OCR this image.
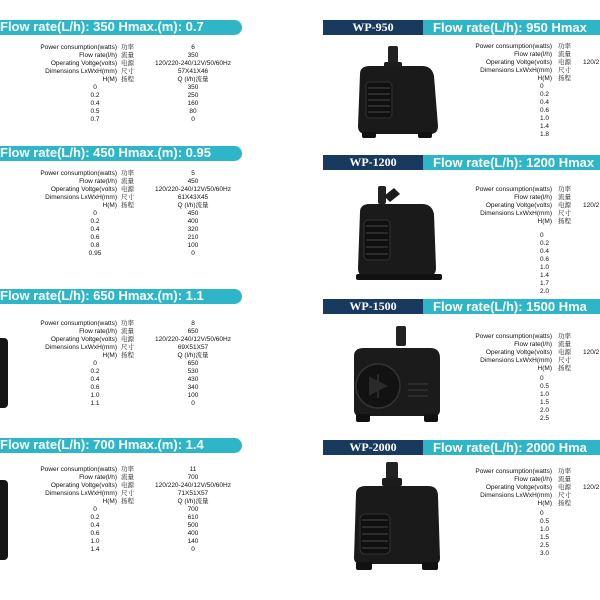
Flow rate(L/h): 350 Hmax.(m): 0.7
Power consumption(watts) 功率	6
Flow rate(l/h) 流量	350
Operating Voltge(volts) 电源	120/220-240/12V/50/60Hz
Dimensions LxWxH(mm) 尺寸	57X41X46
H(M) 扬程	Q (l/h)流量
0	350
0.2	250
0.4	160
0.5	80
0.7	0
Flow rate(L/h): 450 Hmax.(m): 0.95
Power consumption(watts) 功率	5
Flow rate(l/h) 流量	450
Operating Voltge(volts) 电源	120/220-240/12V/50/60Hz
Dimensions LxWxH(mm) 尺寸	61X43X45
H(M) 扬程	Q (l/h)流量
0	450
0.2	400
0.4	320
0.6	210
0.8	100
0.95	0
Flow rate(L/h): 650 Hmax.(m): 1.1
Power consumption(watts) 功率	8
Flow rate(l/h) 流量	650
Operating Voltge(volts) 电源	120/220-240/12V/50/60Hz
Dimensions LxWxH(mm) 尺寸	69X51X57
H(M) 扬程	Q (l/h)流量
0	650
0.2	530
0.4	430
0.6	340
1.0	100
1.1	0
Flow rate(L/h): 700 Hmax.(m): 1.4
Power consumption(watts) 功率	11
Flow rate(l/h) 流量	700
Operating Voltge(volts) 电源	120/220-240/12V/50/60Hz
Dimensions LxWxH(mm) 尺寸	71X51X57
H(M) 扬程	Q (l/h)流量
0	700
0.2	610
0.4	500
0.6	400
1.0	140
1.4	0
WP-950	Flow rate(L/h): 950 Hmax
Power consumption(watts) 功率
Flow rate(l/h) 流量
Operating Voltge(volts) 电源 120/2
Dimensions LxWxH(mm) 尺寸
H(M) 扬程
0
0.2
0.4
0.6
1.0
1.4
1.8
WP-1200	Flow rate(L/h): 1200 Hmax
Power consumption(watts) 功率
Flow rate(l/h) 流量
Operating Voltge(volts) 电源 120/2
Dimensions LxWxH(mm) 尺寸
H(M) 扬程
0
0.2
0.4
0.6
1.0
1.4
1.7
2.0
WP-1500	Flow rate(L/h): 1500 Hma
Power consumption(watts) 功率
Flow rate(l/h) 流量
Operating Voltge(volts) 电源 120/2
Dimensions LxWxH(mm) 尺寸
H(M) 扬程
0
0.5
1.0
1.5
2.0
2.5
WP-2000	Flow rate(L/h): 2000 Hma
Power consumption(watts) 功率
Flow rate(l/h) 流量
Operating Voltge(volts) 电源 120/2
Dimensions LxWxH(mm) 尺寸
H(M) 扬程
0
0.5
1.0
1.5
2.5
3.0
